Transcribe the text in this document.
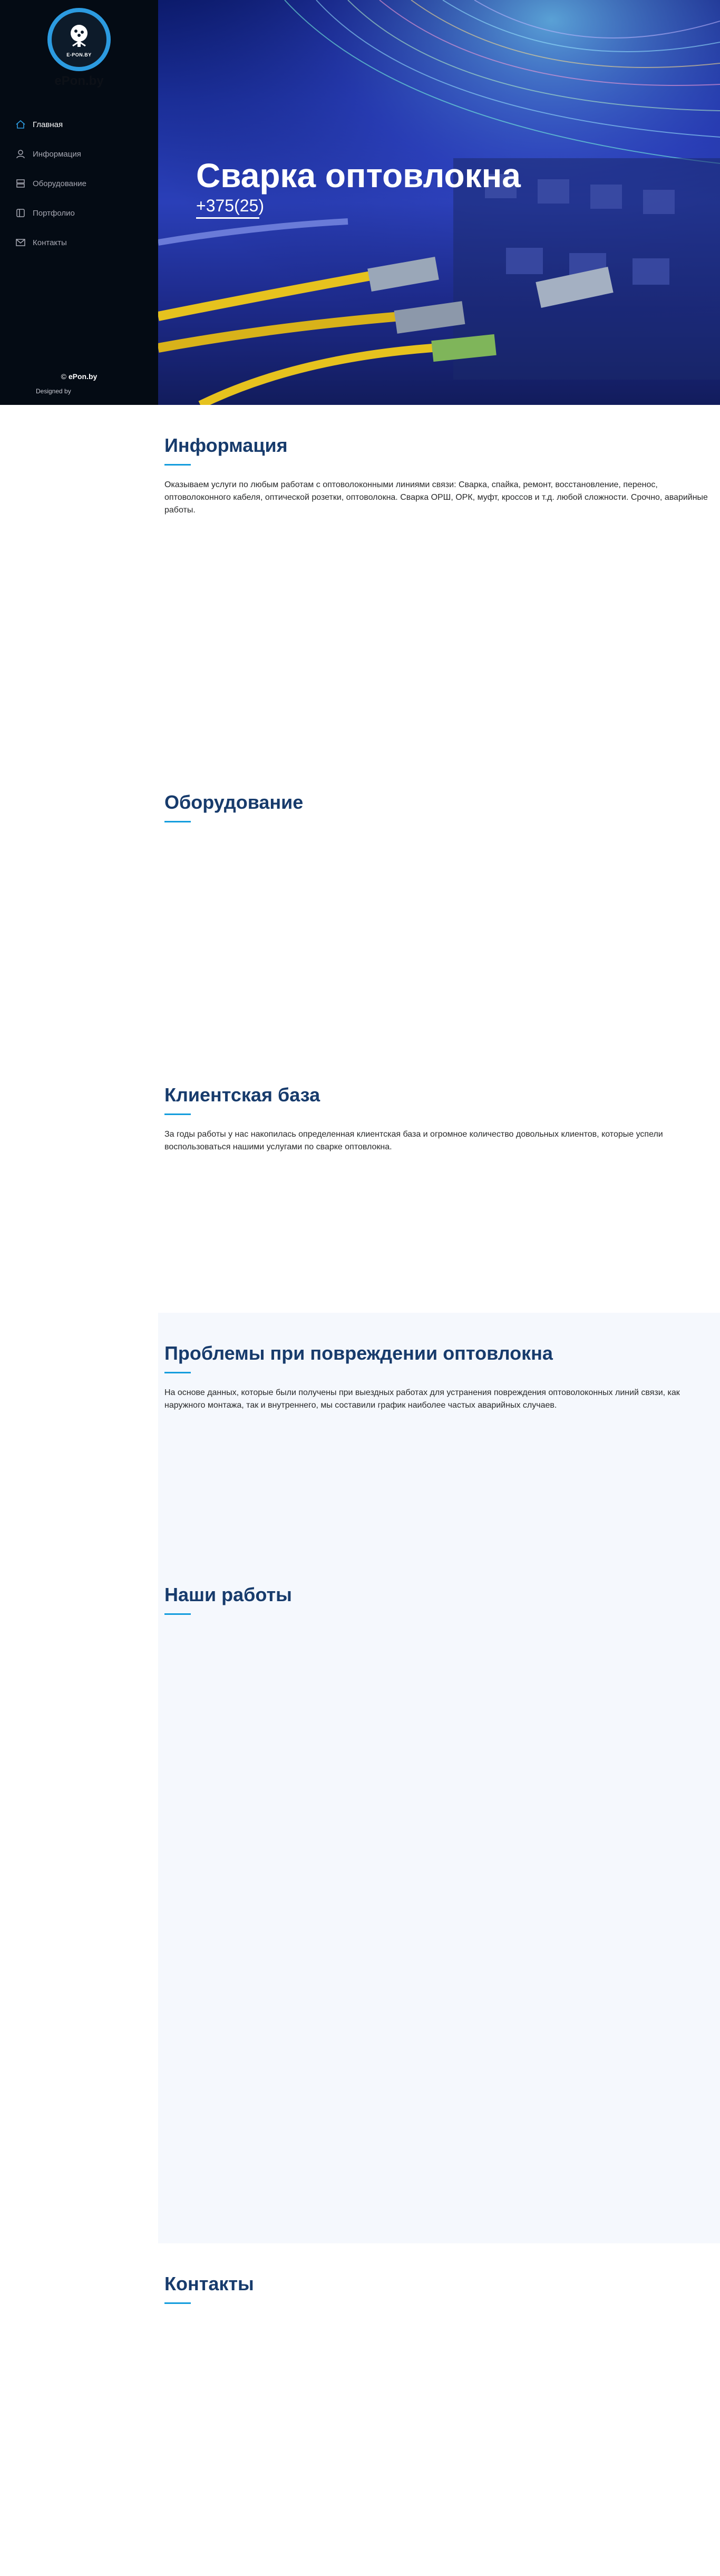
E-PON.BY
ePon.by
Главная
Информация
Оборудование
Портфолио
Контакты
© ePon.by
Designed by
Сварка оптовлокна
+375(25)
Информация

Оказываем услуги по любым работам с оптоволоконными линиями связи: Сварка, спайка, ремонт, восстановление, перенос, оптоволоконного кабеля, оптической розетки, оптоволокна. Сварка ОРШ, ОРК, муфт, кроссов и т.д. любой сложности. Срочно, аварийные работы.

Оборудование
Клиентская база

За годы работы у нас накопилась определенная клиентская база и огромное количество довольных клиентов, которые успели воспользоваться нашими услугами по сварке оптовлокна.

Проблемы при повреждении оптовлокна

На основе данных, которые были получены при выездных работах для устранения повреждения оптоволоконных линий связи, как наружного монтажа, так и внутреннего, мы составили график наиболее частых аварийных случаев.

Наши работы
Контакты
